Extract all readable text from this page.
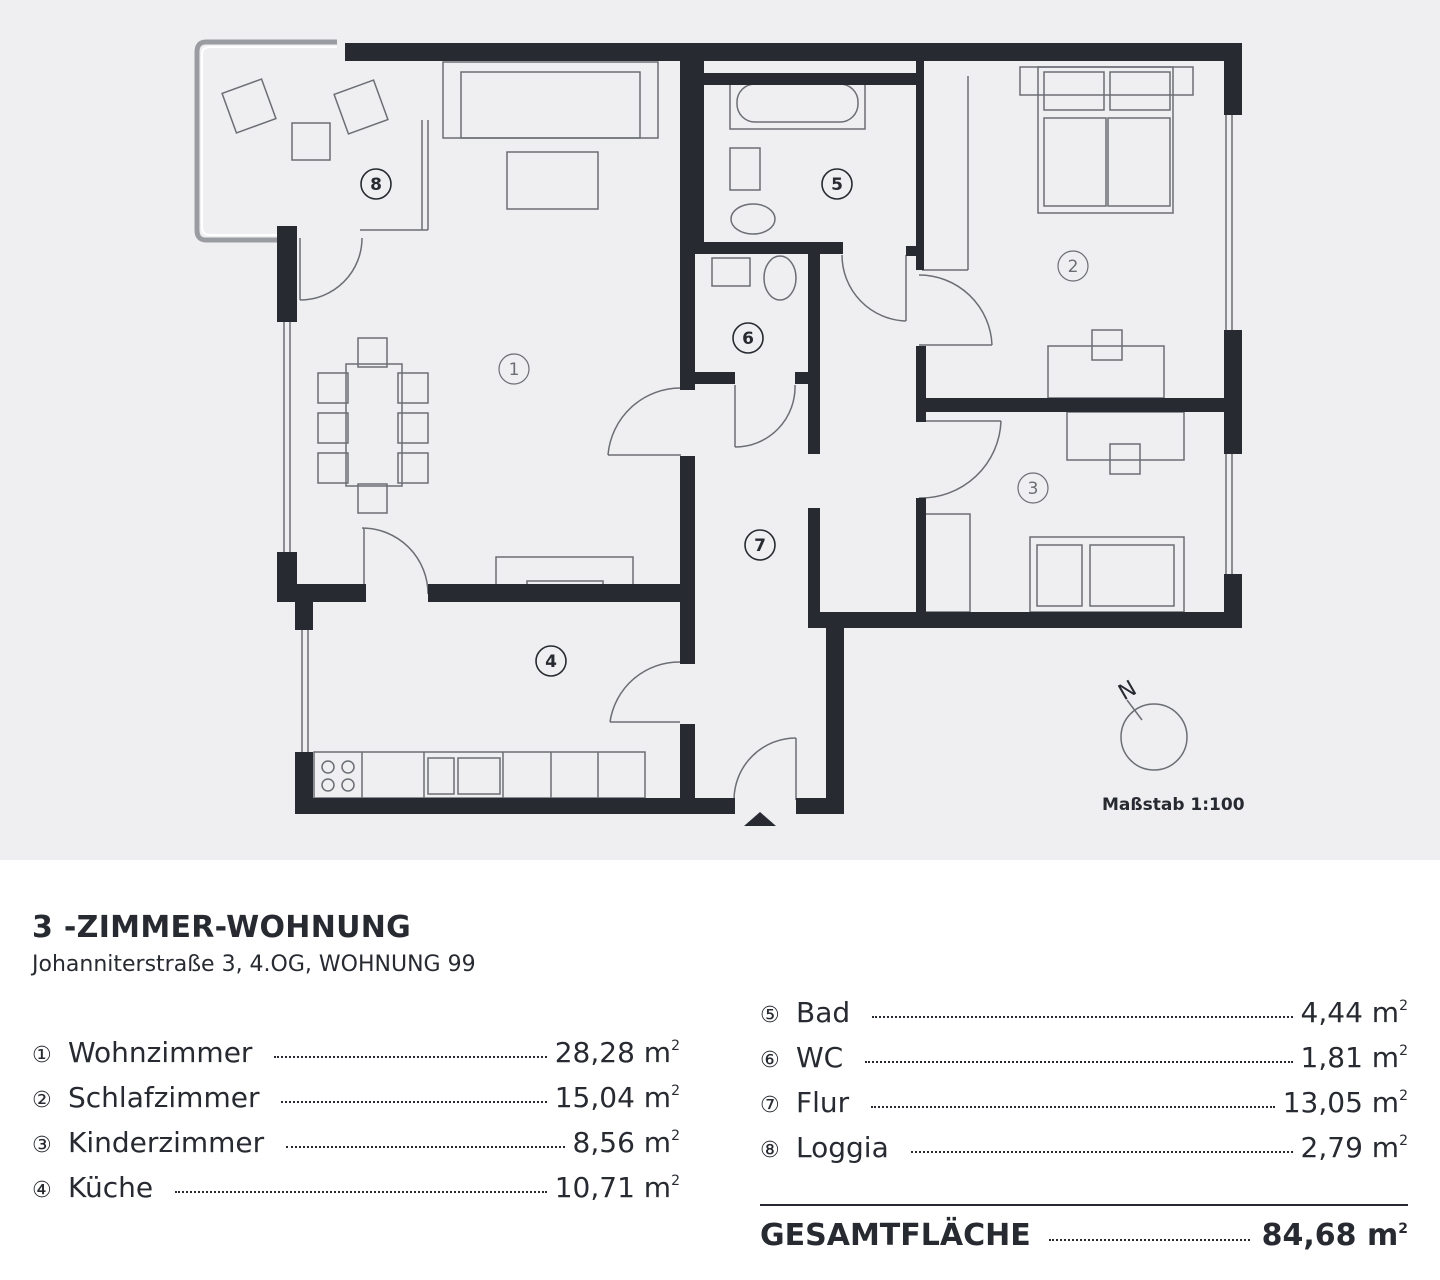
1
2
3
4
5
6
7
8
N
Maßstab 1:100
3 -ZIMMER-WOHNUNG
Johanniterstraße 3, 4.OG, WOHNUNG 99
① Wohnzimmer	28,28 $m^2$
② Schlafzimmer	15,04 $m^2$
③ Kinderzimmer	8,56 $m^2$
④ Küche	10,71 $m^2$
⑤ Bad	4,44 $m^2$
⑥ WC	1,81 $m^2$
⑦ Flur	13,05 $m^2$
⑧ Loggia	2,79 $m^2$
GESAMTFLÄCHE	84,68 $m^2$
